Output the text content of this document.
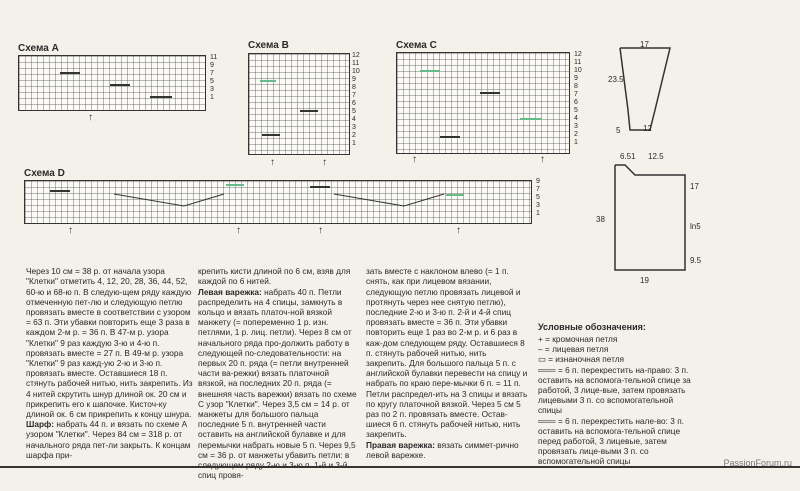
Схема А
↑
11
9
7
5
3
1
Схема В
↑	↑
12
11
10
9
8
7
6
5
4
3
2
1
Схема С
↑	↑
12
11
10
9
8
7
6
5
4
3
2
1
17
23.5
5	12
6.51 12.5
17
38
ln5
9.5
19
Схема D
↑	↑	↑	↑
9
7
5
3
1

Через 10 см = 38 р. от начала узора "Клетки" отметить 4, 12, 20, 28, 36, 44, 52, 60-ю и 68-ю п. В следую-щем ряду каждую отмеченную пет-лю и следующую петлю провязать вместе в соответствии с узором = 63 п. Эти убавки повторить еще 3 раза в каждом 2-м р. = 36 п. В 47-м р. узора "Клетки" 9 раз каждую 3-ю и 4-ю п. провязать вместе = 27 п. В 49-м р. узора "Клетки" 9 раз кажд-ую 2-ю и 3-ю п. провязать вместе. Оставшиеся 18 п. стянуть рабочей нитью, нить закрепить. Из 4 нитей скрутить шнур длиной ок. 20 см и прикрепить его к шапочке. Кисточ-ку длиной ок. 6 см прикрепить к концу шнура.

Шарф: набрать 44 п. и вязать по схеме А узором "Клетки". Через 84 см = 318 р. от начального ряда пет-ли закрыть. К концам шарфа при-

крепить кисти длиной по 6 см, взяв для каждой по 6 нитей.

Левая варежка: набрать 40 п. Петли распределить на 4 спицы, замкнуть в кольцо и вязать платоч-ной вязкой манжету (= попеременно 1 р. изн. петлями, 1 р. лиц. петли). Через 8 см от начального ряда про-должить работу в следующей по-следовательности: на первых 20 п. ряда (= петли внутренней части ва-режки) вязать платочной вязкой, на последних 20 п. ряда (= внешняя часть варежки) вязать по схеме С узор "Клетки". Через 3,5 см = 14 р. от манжеты для большого пальца последние 5 п. внутренней части оставить на английской булавке и для перемычки набрать новые 5 п. Через 9,5 см = 36 р. от манжеты убавить петли: в спиц провя-

зать вместе с наклоном влево (= 1 п. снять, как при лицевом вязании, следующую петлю провязать лицевой и протянуть через нее снятую петлю), последние 2-ю и 3-ю п. 2-й и 4-й спиц провязать вместе = 36 п. Эти убавки повторить еще 1 раз во 2-м р. и 6 раз в каж-дом следующем ряду. Оставшиеся 8 п. стянуть рабочей нитью, нить закрепить. Для большого пальца 5 п. с английской булавки перевести на спицу и набрать по краю пере-мычки 6 п. = 11 п. Петли распредел-ить на 3 спицы и вязать по кругу платочной вязкой. Через 5 см 5 раз по 2 п. провязать вместе. Остав-шиеся 6 п. стянуть рабочей нитью, нить закрепить.

Правая варежка: вязать симмет-рично левой варежке.

Условные обозначения:
+ = кромочная петля
– = лицевая петля
▭ = изнаночная петля
═══ = 6 п. перекрестить на-право: 3 п. оставить на вспомога-тельной спице за работой, 3 лице-вые, затем провязать лицевыми 3 п. со вспомогательной спицы
═══ = 6 п. перекрестить нале-во: 3 п. оставить на вспомога-тельной спице перед работой, 3 лицевые, затем провязать лице-выми 3 п. со вспомогательной спицы	PassionForum.ru
